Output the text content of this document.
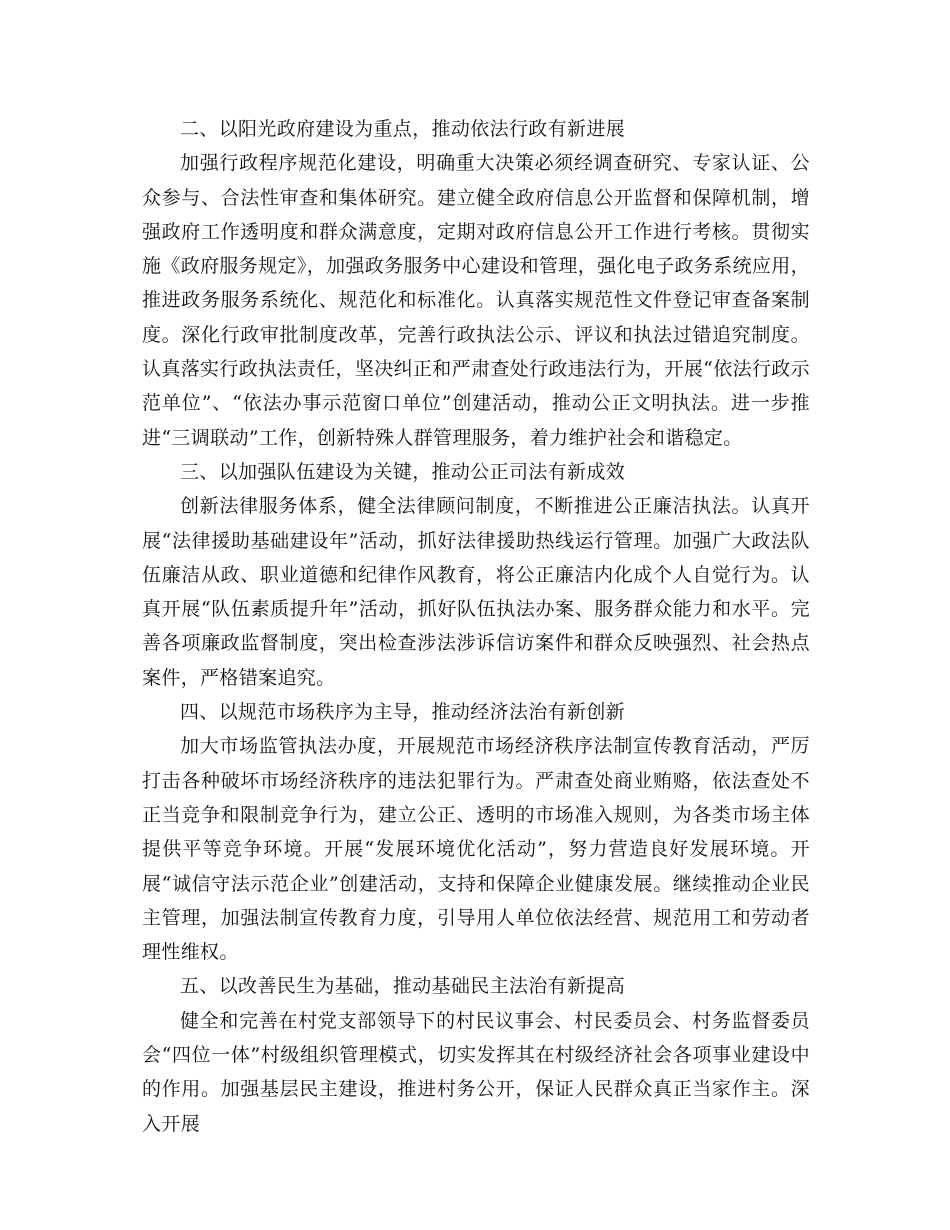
二、以阳光政府建设为重点，推动依法行政有新进展

加强行政程序规范化建设，明确重大决策必须经调查研究、专家认证、公众参与、合法性审查和集体研究。建立健全政府信息公开监督和保障机制，增强政府工作透明度和群众满意度，定期对政府信息公开工作进行考核。贯彻实施《政府服务规定》，加强政务服务中心建设和管理，强化电子政务系统应用，推进政务服务系统化、规范化和标准化。认真落实规范性文件登记审查备案制度。深化行政审批制度改革，完善行政执法公示、评议和执法过错追究制度。认真落实行政执法责任，坚决纠正和严肃查处行政违法行为，开展“依法行政示范单位”、“依法办事示范窗口单位”创建活动，推动公正文明执法。进一步推进“三调联动”工作，创新特殊人群管理服务，着力维护社会和谐稳定。

三、以加强队伍建设为关键，推动公正司法有新成效

创新法律服务体系，健全法律顾问制度，不断推进公正廉洁执法。认真开展“法律援助基础建设年”活动，抓好法律援助热线运行管理。加强广大政法队伍廉洁从政、职业道德和纪律作风教育，将公正廉洁内化成个人自觉行为。认真开展“队伍素质提升年”活动，抓好队伍执法办案、服务群众能力和水平。完善各项廉政监督制度，突出检查涉法涉诉信访案件和群众反映强烈、社会热点案件，严格错案追究。

四、以规范市场秩序为主导，推动经济法治有新创新

加大市场监管执法办度，开展规范市场经济秩序法制宣传教育活动，严厉打击各种破坏市场经济秩序的违法犯罪行为。严肃查处商业贿赂，依法查处不正当竞争和限制竞争行为，建立公正、透明的市场准入规则，为各类市场主体提供平等竞争环境。开展“发展环境优化活动”，努力营造良好发展环境。开展“诚信守法示范企业”创建活动，支持和保障企业健康发展。继续推动企业民主管理，加强法制宣传教育力度，引导用人单位依法经营、规范用工和劳动者理性维权。

五、以改善民生为基础，推动基础民主法治有新提高

健全和完善在村党支部领导下的村民议事会、村民委员会、村务监督委员会“四位一体”村级组织管理模式，切实发挥其在村级经济社会各项事业建设中的作用。加强基层民主建设，推进村务公开，保证人民群众真正当家作主。深入开展
